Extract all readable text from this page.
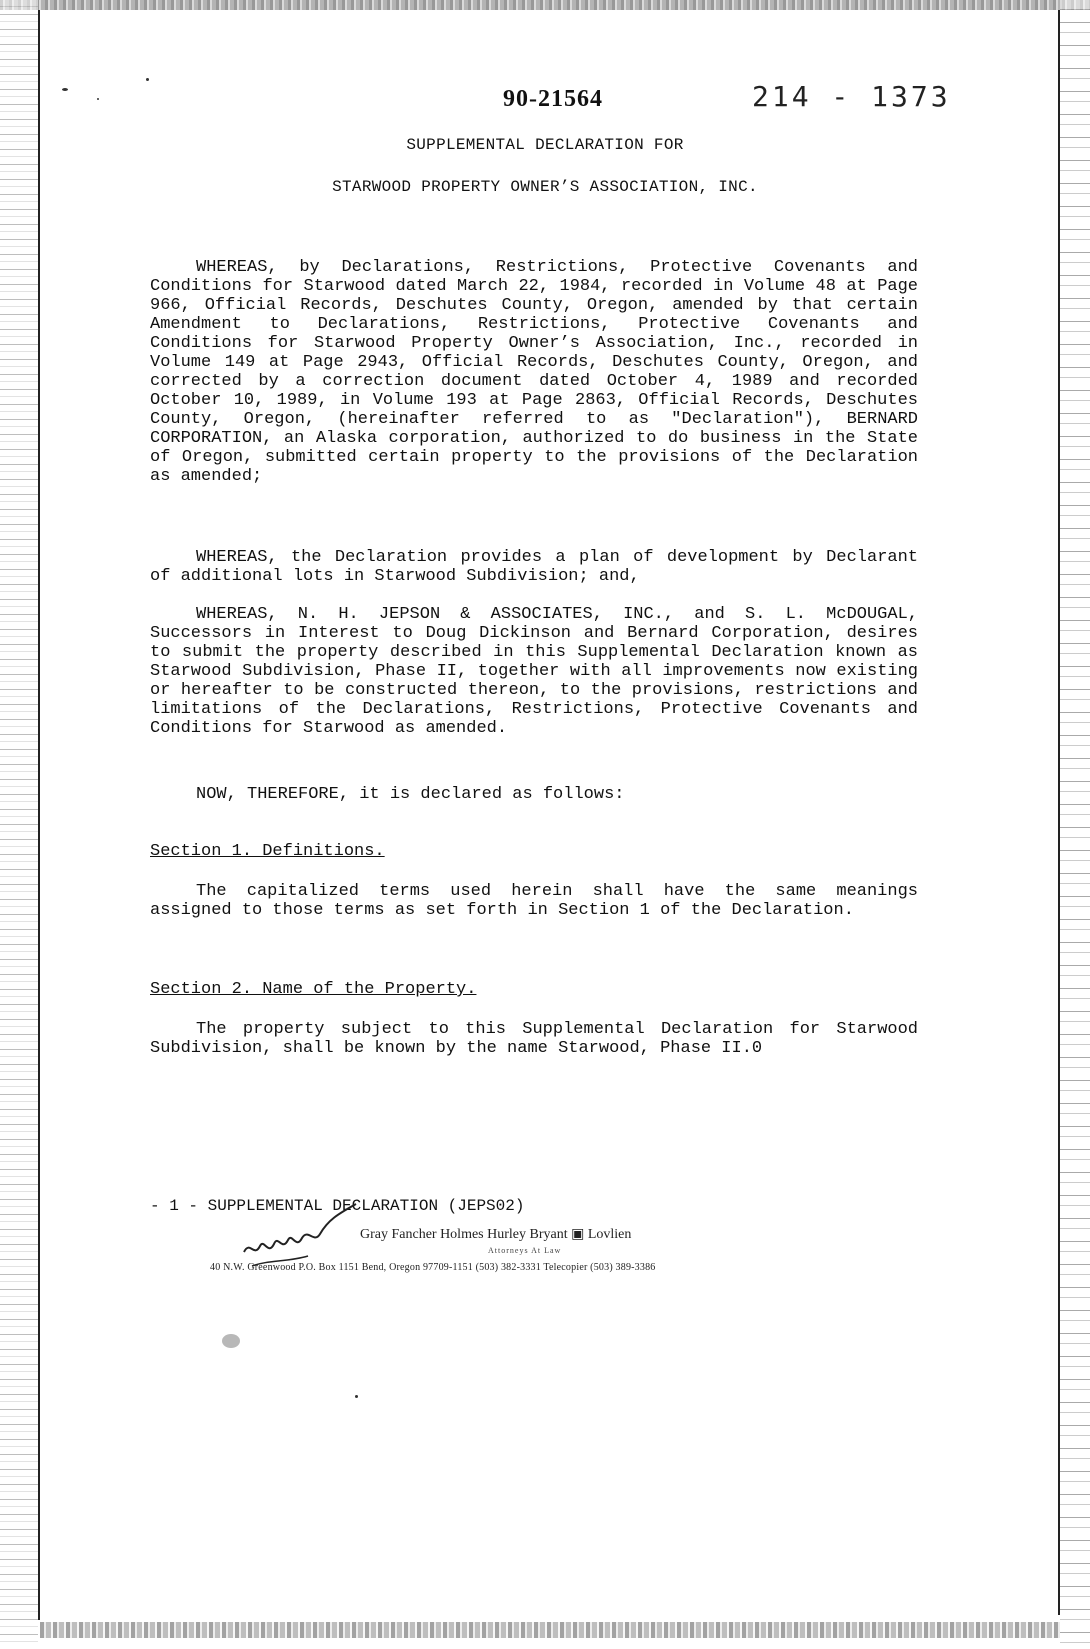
90-21564	214 - 1373
SUPPLEMENTAL DECLARATION FOR
STARWOOD PROPERTY OWNER’S ASSOCIATION, INC.
WHEREAS, by Declarations, Restrictions, Protective Covenants and Conditions for Starwood dated March 22, 1984, recorded in Volume 48 at Page 966, Official Records, Deschutes County, Oregon, amended by that certain Amendment to Declarations, Restrictions, Protective Covenants and Conditions for Starwood Property Owner’s Association, Inc., recorded in Volume 149 at Page 2943, Official Records, Deschutes County, Oregon, and corrected by a correction document dated October 4, 1989 and recorded October 10, 1989, in Volume 193 at Page 2863, Official Records, Deschutes County, Oregon, (hereinafter referred to as "Declaration"), BERNARD CORPORATION, an Alaska corporation, authorized to do business in the State of Oregon, submitted certain property to the provisions of the Declaration as amended;
WHEREAS, the Declaration provides a plan of development by Declarant of additional lots in Starwood Subdivision; and,
WHEREAS, N. H. JEPSON & ASSOCIATES, INC., and S. L. McDOUGAL, Successors in Interest to Doug Dickinson and Bernard Corporation, desires to submit the property described in this Supplemental Declaration known as Starwood Subdivision, Phase II, together with all improvements now existing or hereafter to be constructed thereon, to the provisions, restrictions and limitations of the Declarations, Restrictions, Protective Covenants and Conditions for Starwood as amended.
NOW, THEREFORE, it is declared as follows:
Section 1. Definitions.
The capitalized terms used herein shall have the same meanings assigned to those terms as set forth in Section 1 of the Declaration.
Section 2. Name of the Property.
The property subject to this Supplemental Declaration for Starwood Subdivision, shall be known by the name Starwood, Phase II.0
- 1 - SUPPLEMENTAL DECLARATION (JEPS02)
Gray Fancher Holmes Hurley Bryant ▣ Lovlien
Attorneys At Law
40 N.W. Greenwood P.O. Box 1151 Bend, Oregon 97709-1151 (503) 382-3331 Telecopier (503) 389-3386
